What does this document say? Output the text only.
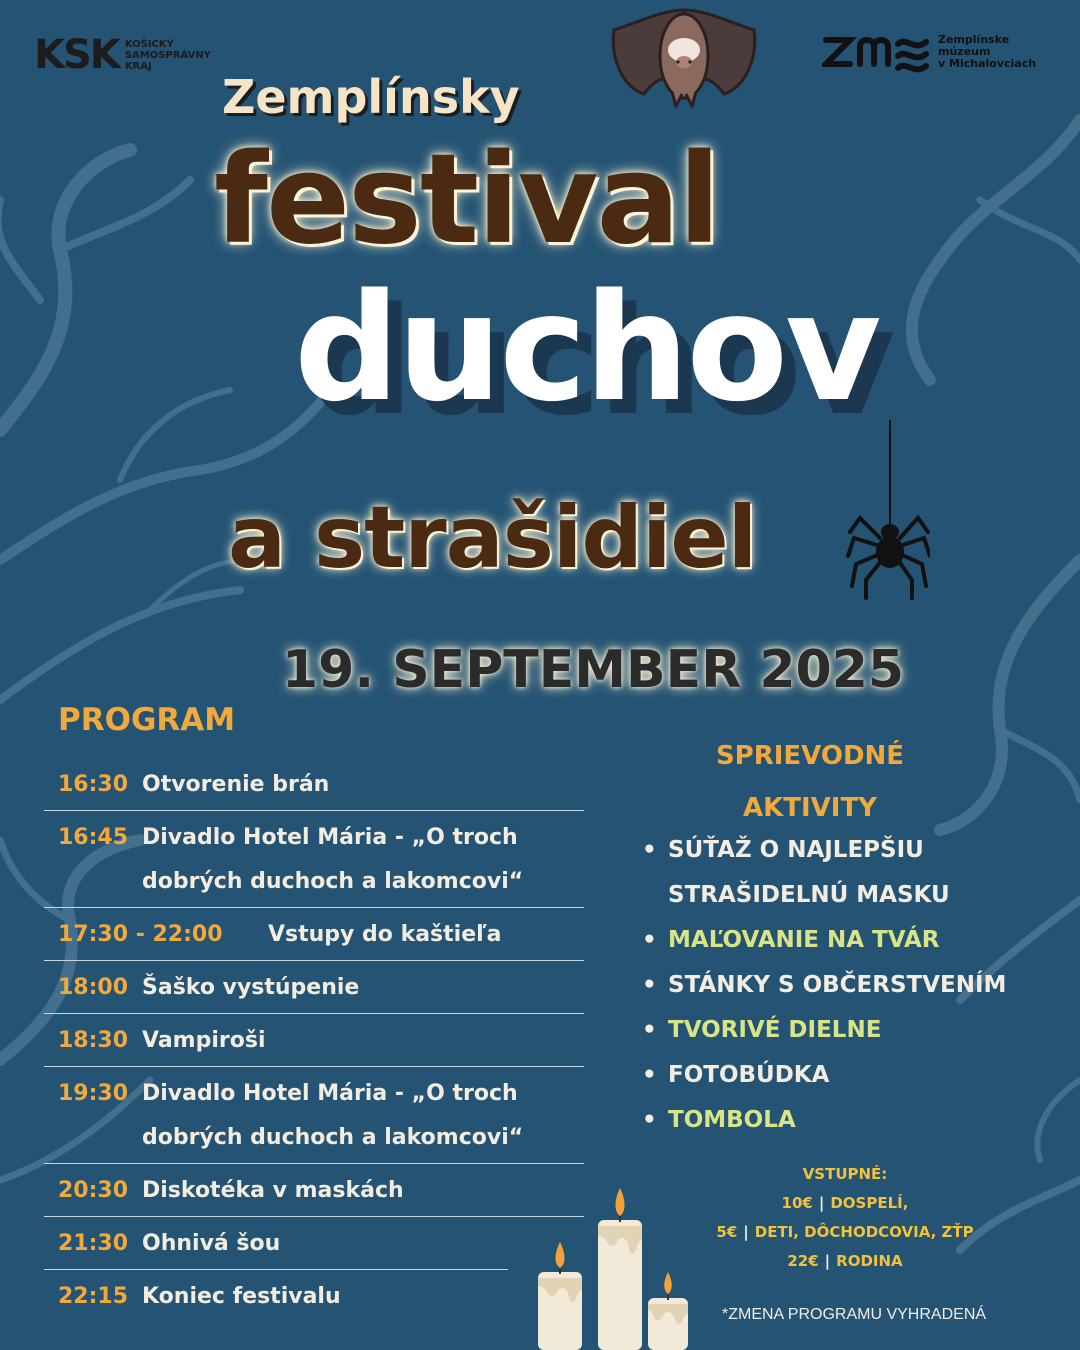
KSK KOŠICKÝ
SAMOSPRÁVNY
KRAJ
Zemplínske
múzeum
v Michalovciach
Zemplínsky
festival
duchov
a strašidiel
19. SEPTEMBER 2025
PROGRAM
16:30 Otvorenie brán
16:45 Divadlo Hotel Mária - „O troch
dobrých duchoch a lakomcovi“
17:30 - 22:00	Vstupy do kaštieľa
18:00 Šaško vystúpenie
18:30 Vampiroši
19:30 Divadlo Hotel Mária - „O troch
dobrých duchoch a lakomcovi“
20:30 Diskotéka v maskách
21:30 Ohnivá šou
22:15 Koniec festivalu
SPRIEVODNÉ
AKTIVITY
• SÚŤAŽ O NAJLEPŠIU
STRAŠIDELNÚ MASKU
• MAĽOVANIE NA TVÁR
• STÁNKY S OBČERSTVENÍM
• TVORIVÉ DIELNE
• FOTOBÚDKA
• TOMBOLA
VSTUPNÉ:
10€ | DOSPELÍ,
5€ | DETI, DÔCHODCOVIA, ZŤP
22€ | RODINA
*ZMENA PROGRAMU VYHRADENÁ
